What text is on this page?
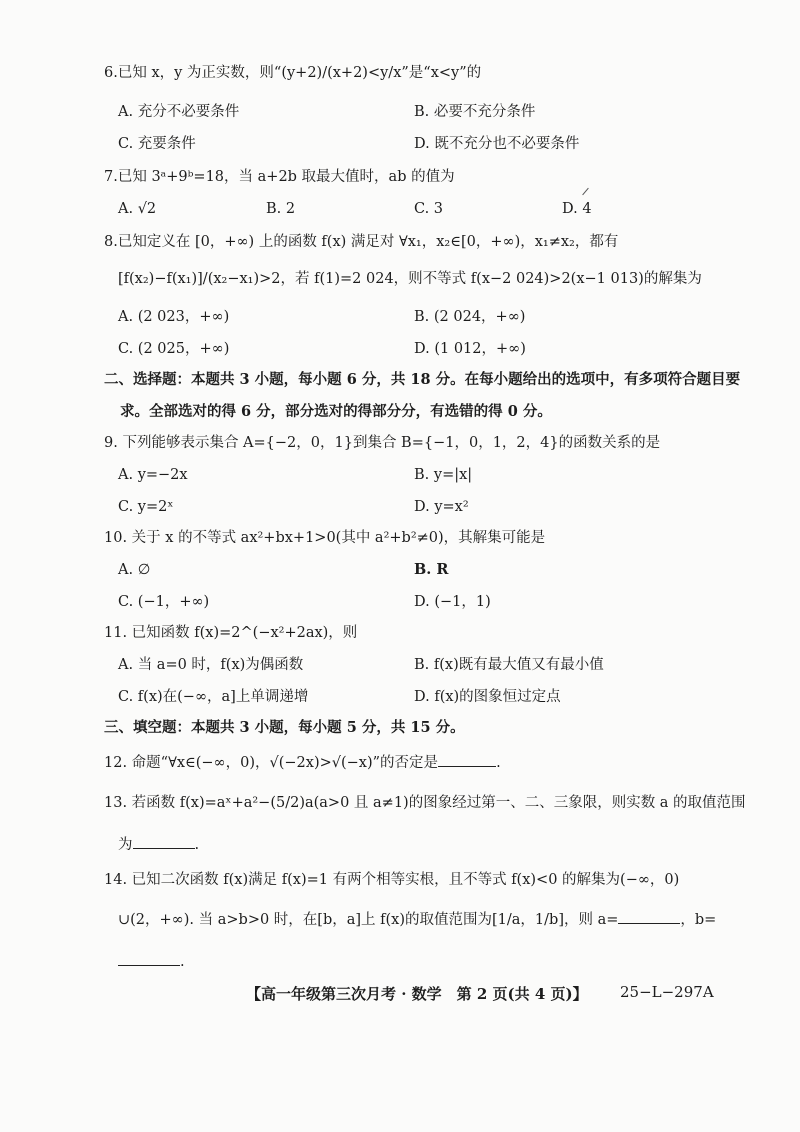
6.已知 x，y 为正实数，则“(y+2)/(x+2)<y/x”是“x<y”的
A. 充分不必要条件	B. 必要不充分条件
C. 充要条件	D. 既不充分也不必要条件
7.已知 3ᵃ+9ᵇ=18，当 a+2b 取最大值时，ab 的值为
A. √2	B. 2	C. 3	D. 4
8.已知定义在 [0，+∞) 上的函数 f(x) 满足对 ∀x₁，x₂∈[0，+∞)，x₁≠x₂，都有
[f(x₂)−f(x₁)]/(x₂−x₁)>2，若 f(1)=2 024，则不等式 f(x−2 024)>2(x−1 013)的解集为
A. (2 023，+∞)	B. (2 024，+∞)
C. (2 025，+∞)	D. (1 012，+∞)
二、选择题：本题共 3 小题，每小题 6 分，共 18 分。在每小题给出的选项中，有多项符合题目要
求。全部选对的得 6 分，部分选对的得部分分，有选错的得 0 分。
9. 下列能够表示集合 A={−2，0，1}到集合 B={−1，0，1，2，4}的函数关系的是
A. y=−2x	B. y=|x|
C. y=2ˣ	D. y=x²
10. 关于 x 的不等式 ax²+bx+1>0(其中 a²+b²≠0)，其解集可能是
A. ∅	B. R
C. (−1，+∞)	D. (−1，1)
11. 已知函数 f(x)=2^(−x²+2ax)，则
A. 当 a=0 时，f(x)为偶函数	B. f(x)既有最大值又有最小值
C. f(x)在(−∞，a]上单调递增	D. f(x)的图象恒过定点
三、填空题：本题共 3 小题，每小题 5 分，共 15 分。
12. 命题“∀x∈(−∞，0)，√(−2x)>√(−x)”的否定是	.
13. 若函数 f(x)=aˣ+a²−(5/2)a(a>0 且 a≠1)的图象经过第一、二、三象限，则实数 a 的取值范围
为	.
14. 已知二次函数 f(x)满足 f(x)=1 有两个相等实根，且不等式 f(x)<0 的解集为(−∞，0)
∪(2，+∞). 当 a>b>0 时，在[b，a]上 f(x)的取值范围为[1/a，1/b]，则 a=	，b=
.
【高一年级第三次月考 · 数学　第 2 页(共 4 页)】 25−L−297A
